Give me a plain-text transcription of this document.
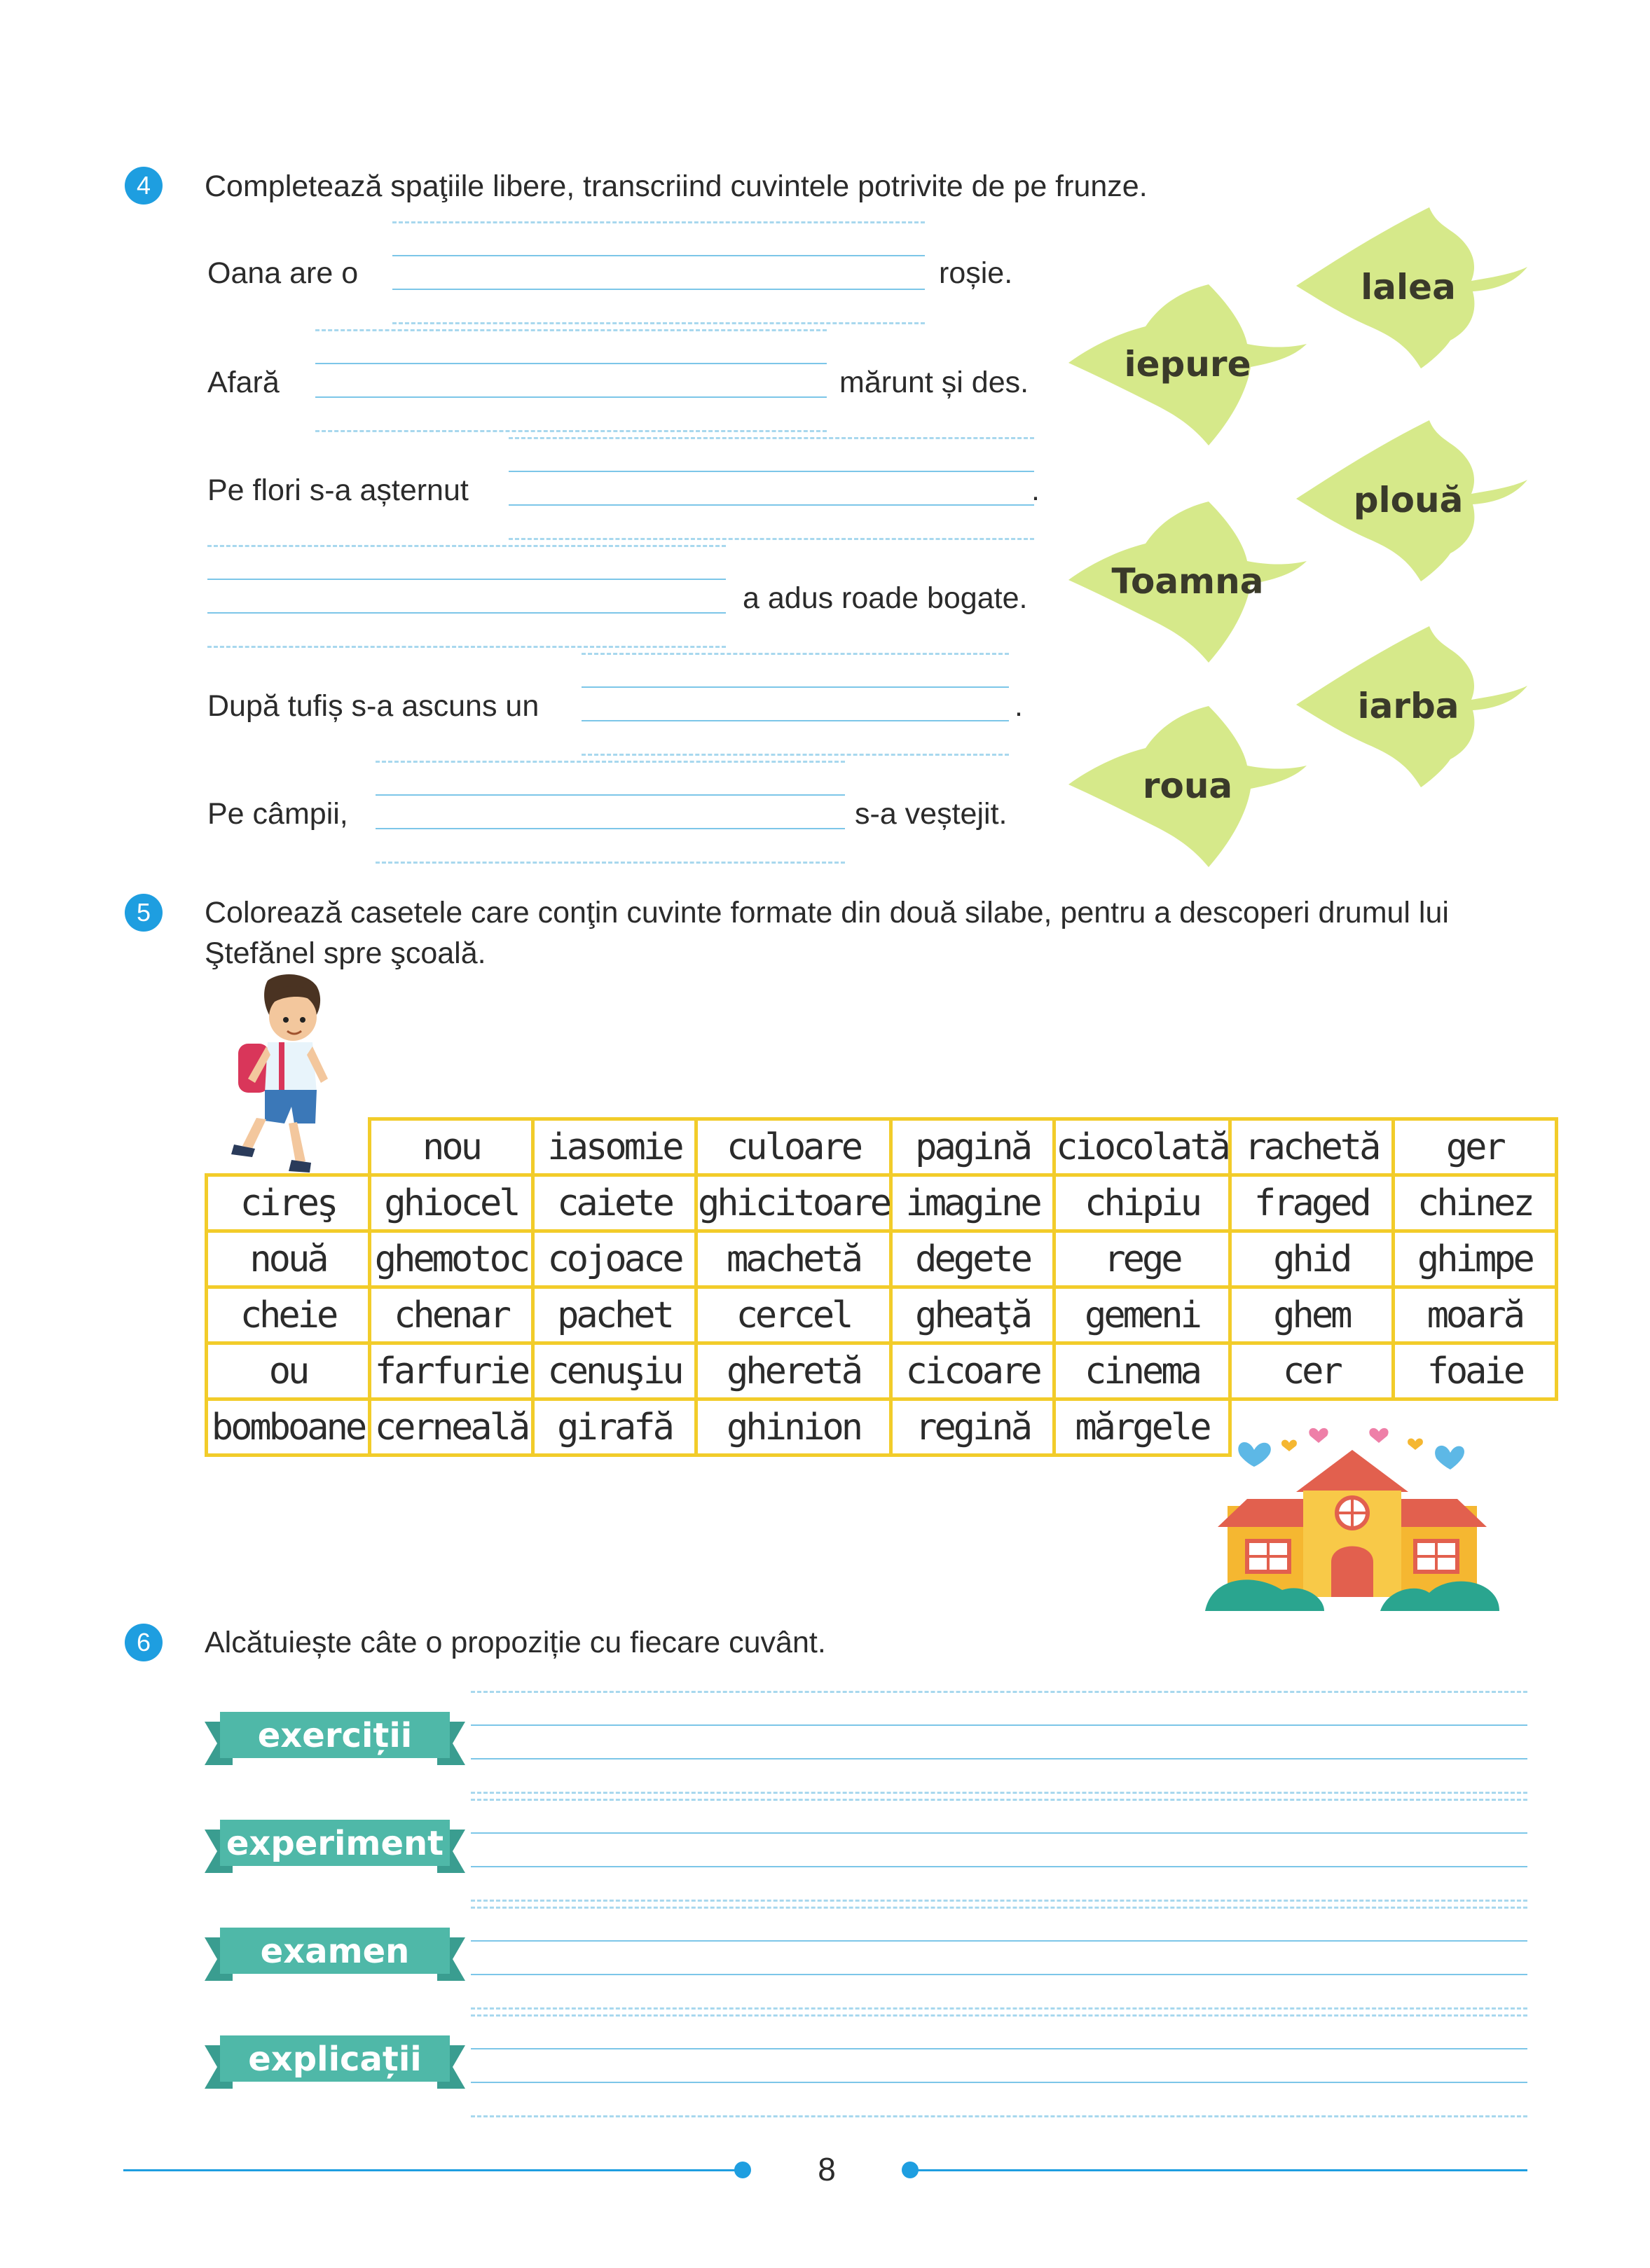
4	Completează spaţiile libere, transcriind cuvintele potrivite de pe frunze.
Oana are o	roșie.
Afară	mărunt și des.
Pe flori s-a așternut	.
a adus roade bogate.
După tufiș s-a ascuns un	.
Pe câmpii,	s-a veștejit.
lalea
iepure
plouă
Toamna
iarba
roua
5	Colorează casetele care conţin cuvinte formate din două silabe, pentru a descoperi drumul lui Ştefănel spre şcoală.
	nou	iasomie	culoare	pagină	ciocolată	rachetă	ger
cireş	ghiocel	caiete	ghicitoare	imagine	chipiu	fraged	chinez
nouă	ghemotoc	cojoace	machetă	degete	rege	ghid	ghimpe
cheie	chenar	pachet	cercel	gheaţă	gemeni	ghem	moară
ou	farfurie	cenuşiu	gheretă	cicoare	cinema	cer	foaie
bomboane	cerneală	girafă	ghinion	regină	mărgele		
6	Alcătuiește câte o propoziție cu fiecare cuvânt.
exerciții
experiment
examen
explicații
8
